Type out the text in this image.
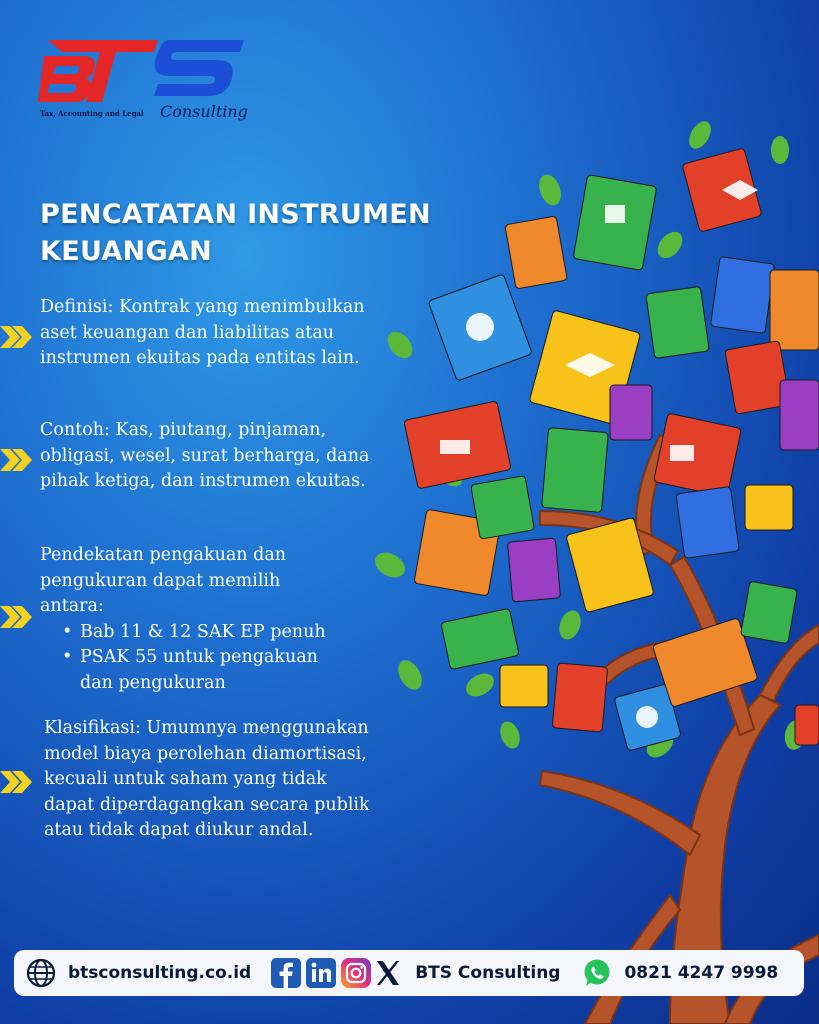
Tax, Accounting and Legal Consulting
PENCATATAN INSTRUMEN KEUANGAN
Definisi: Kontrak yang menimbulkan aset keuangan dan liabilitas atau instrumen ekuitas pada entitas lain.
Contoh: Kas, piutang, pinjaman, obligasi, wesel, surat berharga, dana pihak ketiga, dan instrumen ekuitas.
Pendekatan pengakuan dan pengukuran dapat memilih antara:
• Bab 11 & 12 SAK EP penuh
• PSAK 55 untuk pengakuan dan pengukuran
Klasifikasi: Umumnya menggunakan model biaya perolehan diamortisasi, kecuali untuk saham yang tidak dapat diperdagangkan secara publik atau tidak dapat diukur andal.
btsconsulting.co.id	BTS Consulting	0821 4247 9998
